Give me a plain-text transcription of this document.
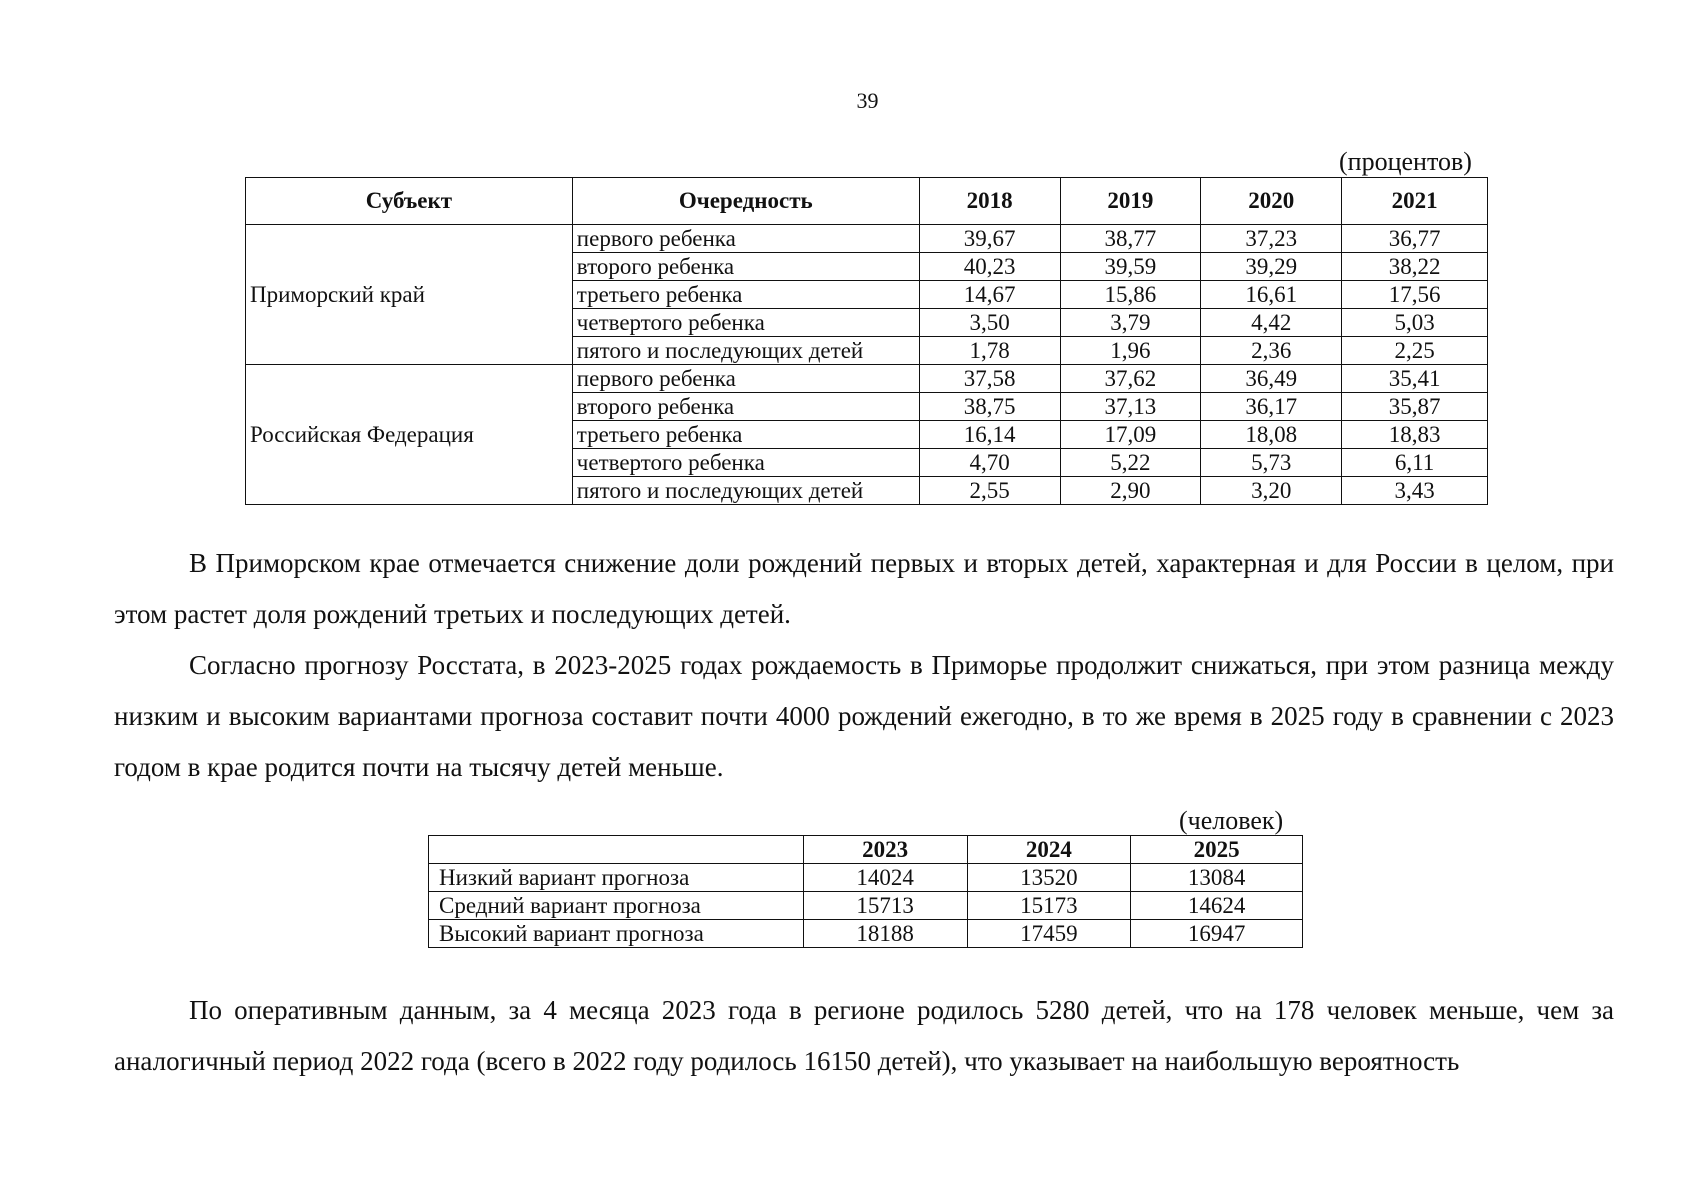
39
(процентов)
Субъект	Очередность	2018	2019	2020	2021
Приморский край	первого ребенка	39,67	38,77	37,23	36,77
	второго ребенка	40,23	39,59	39,29	38,22
	третьего ребенка	14,67	15,86	16,61	17,56
	четвертого ребенка	3,50	3,79	4,42	5,03
	пятого и последующих детей	1,78	1,96	2,36	2,25
Российская Федерация	первого ребенка	37,58	37,62	36,49	35,41
	второго ребенка	38,75	37,13	36,17	35,87
	третьего ребенка	16,14	17,09	18,08	18,83
	четвертого ребенка	4,70	5,22	5,73	6,11
	пятого и последующих детей	2,55	2,90	3,20	3,43

В Приморском крае отмечается снижение доли рождений первых и вторых детей, характерная и для России в целом, при этом растет доля рождений третьих и последующих детей.

Согласно прогнозу Росстата, в 2023-2025 годах рождаемость в Приморье продолжит снижаться, при этом разница между низким и высоким вариантами прогноза составит почти 4000 рождений ежегодно, в то же время в 2025 году в сравнении с 2023 годом в крае родится почти на тысячу детей меньше.

(человек)
	2023	2024	2025
Низкий вариант прогноза	14024	13520	13084
Средний вариант прогноза	15713	15173	14624
Высокий вариант прогноза	18188	17459	16947

По оперативным данным, за 4 месяца 2023 года в регионе родилось 5280 детей, что на 178 человек меньше, чем за аналогичный период 2022 года (всего в 2022 году родилось 16150 детей), что указывает на наибольшую вероятность
